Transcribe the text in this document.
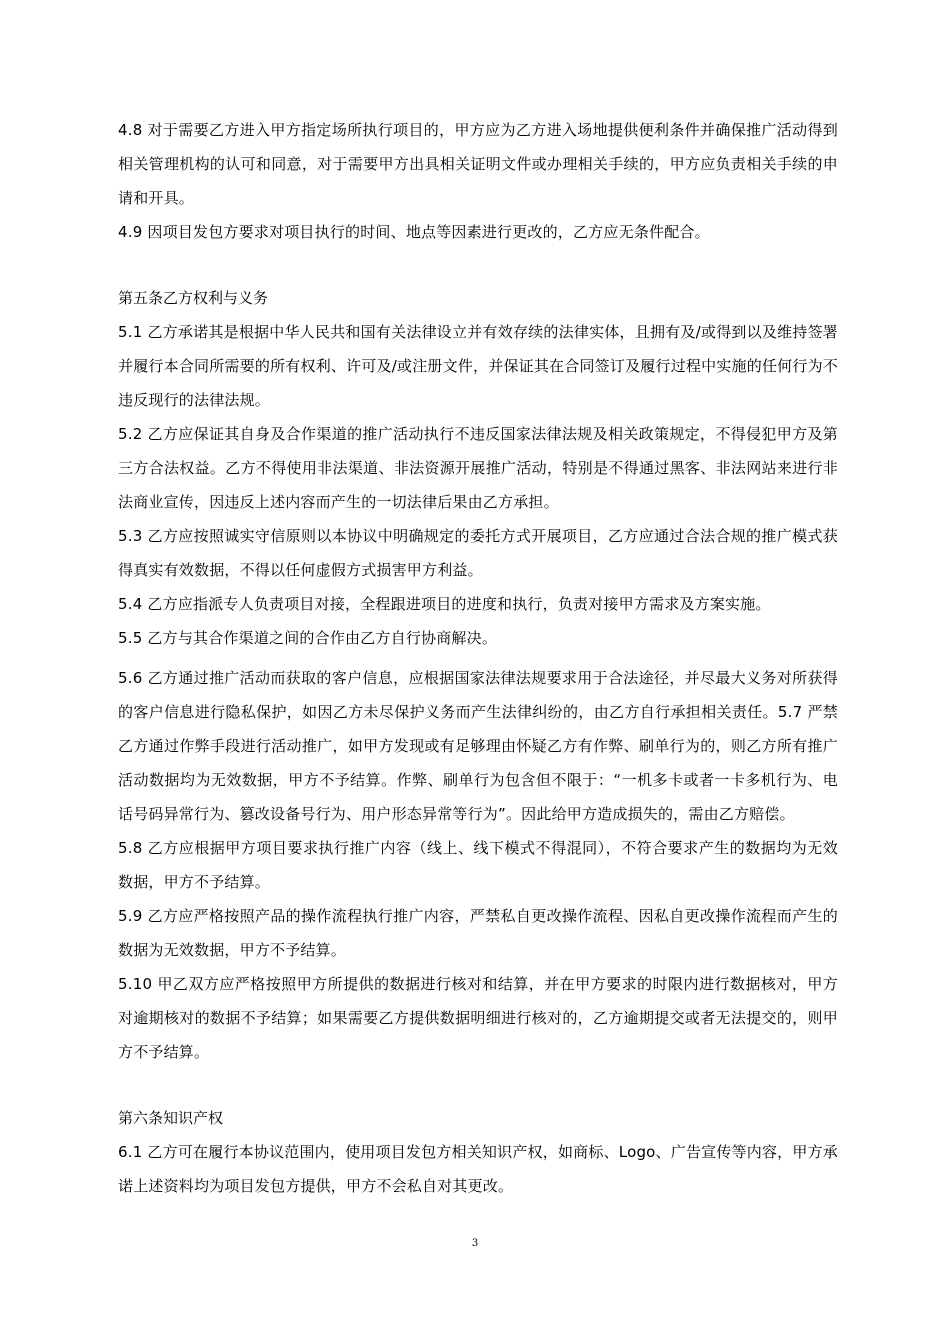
4.8 对于需要乙方进入甲方指定场所执行项目的，甲方应为乙方进入场地提供便利条件并确保推广活动得到相关管理机构的认可和同意，对于需要甲方出具相关证明文件或办理相关手续的，甲方应负责相关手续的申请和开具。

4.9 因项目发包方要求对项目执行的时间、地点等因素进行更改的，乙方应无条件配合。

第五条乙方权利与义务

5.1 乙方承诺其是根据中华人民共和国有关法律设立并有效存续的法律实体，且拥有及/或得到以及维持签署并履行本合同所需要的所有权利、许可及/或注册文件，并保证其在合同签订及履行过程中实施的任何行为不违反现行的法律法规。

5.2 乙方应保证其自身及合作渠道的推广活动执行不违反国家法律法规及相关政策规定，不得侵犯甲方及第三方合法权益。乙方不得使用非法渠道、非法资源开展推广活动，特别是不得通过黑客、非法网站来进行非法商业宣传，因违反上述内容而产生的一切法律后果由乙方承担。

5.3 乙方应按照诚实守信原则以本协议中明确规定的委托方式开展项目，乙方应通过合法合规的推广模式获得真实有效数据，不得以任何虚假方式损害甲方利益。

5.4 乙方应指派专人负责项目对接，全程跟进项目的进度和执行，负责对接甲方需求及方案实施。

5.5 乙方与其合作渠道之间的合作由乙方自行协商解决。

5.6 乙方通过推广活动而获取的客户信息，应根据国家法律法规要求用于合法途径，并尽最大义务对所获得的客户信息进行隐私保护，如因乙方未尽保护义务而产生法律纠纷的，由乙方自行承担相关责任。5.7 严禁乙方通过作弊手段进行活动推广，如甲方发现或有足够理由怀疑乙方有作弊、刷单行为的，则乙方所有推广活动数据均为无效数据，甲方不予结算。作弊、刷单行为包含但不限于：“一机多卡或者一卡多机行为、电话号码异常行为、篡改设备号行为、用户形态异常等行为”。因此给甲方造成损失的，需由乙方赔偿。

5.8 乙方应根据甲方项目要求执行推广内容（线上、线下模式不得混同），不符合要求产生的数据均为无效数据，甲方不予结算。

5.9 乙方应严格按照产品的操作流程执行推广内容，严禁私自更改操作流程、因私自更改操作流程而产生的数据为无效数据，甲方不予结算。

5.10 甲乙双方应严格按照甲方所提供的数据进行核对和结算，并在甲方要求的时限内进行数据核对，甲方对逾期核对的数据不予结算；如果需要乙方提供数据明细进行核对的，乙方逾期提交或者无法提交的，则甲方不予结算。

第六条知识产权

6.1 乙方可在履行本协议范围内，使用项目发包方相关知识产权，如商标、Logo、广告宣传等内容，甲方承诺上述资料均为项目发包方提供，甲方不会私自对其更改。

3
